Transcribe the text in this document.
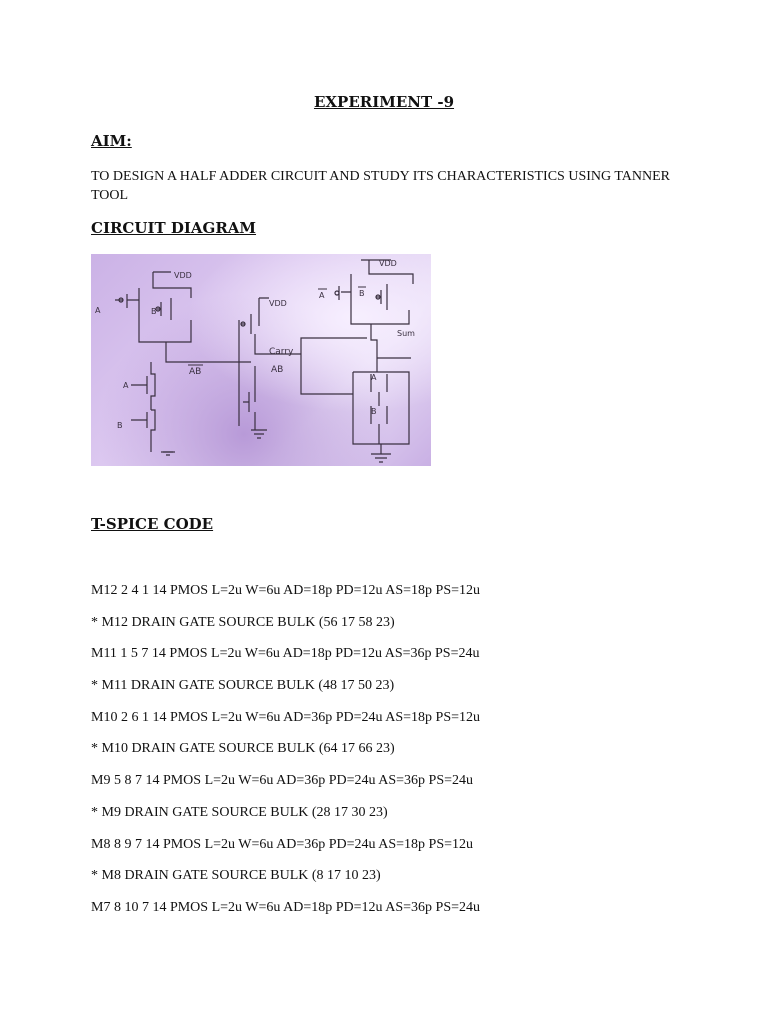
EXPERIMENT -9
AIM:

TO DESIGN A HALF ADDER CIRCUIT AND STUDY ITS CHARACTERISTICS USING TANNER TOOL

CIRCUIT DIAGRAM
VDD
A	B
AB
A
B
VDD
Carry
AB
VDD
A	B
Sum
A
B
T-SPICE CODE
M12 2 4 1 14 PMOS L=2u W=6u AD=18p PD=12u AS=18p PS=12u
* M12 DRAIN GATE SOURCE BULK (56 17 58 23)
M11 1 5 7 14 PMOS L=2u W=6u AD=18p PD=12u AS=36p PS=24u
* M11 DRAIN GATE SOURCE BULK (48 17 50 23)
M10 2 6 1 14 PMOS L=2u W=6u AD=36p PD=24u AS=18p PS=12u
* M10 DRAIN GATE SOURCE BULK (64 17 66 23)
M9 5 8 7 14 PMOS L=2u W=6u AD=36p PD=24u AS=36p PS=24u
* M9 DRAIN GATE SOURCE BULK (28 17 30 23)
M8 8 9 7 14 PMOS L=2u W=6u AD=36p PD=24u AS=18p PS=12u
* M8 DRAIN GATE SOURCE BULK (8 17 10 23)
M7 8 10 7 14 PMOS L=2u W=6u AD=18p PD=12u AS=36p PS=24u
